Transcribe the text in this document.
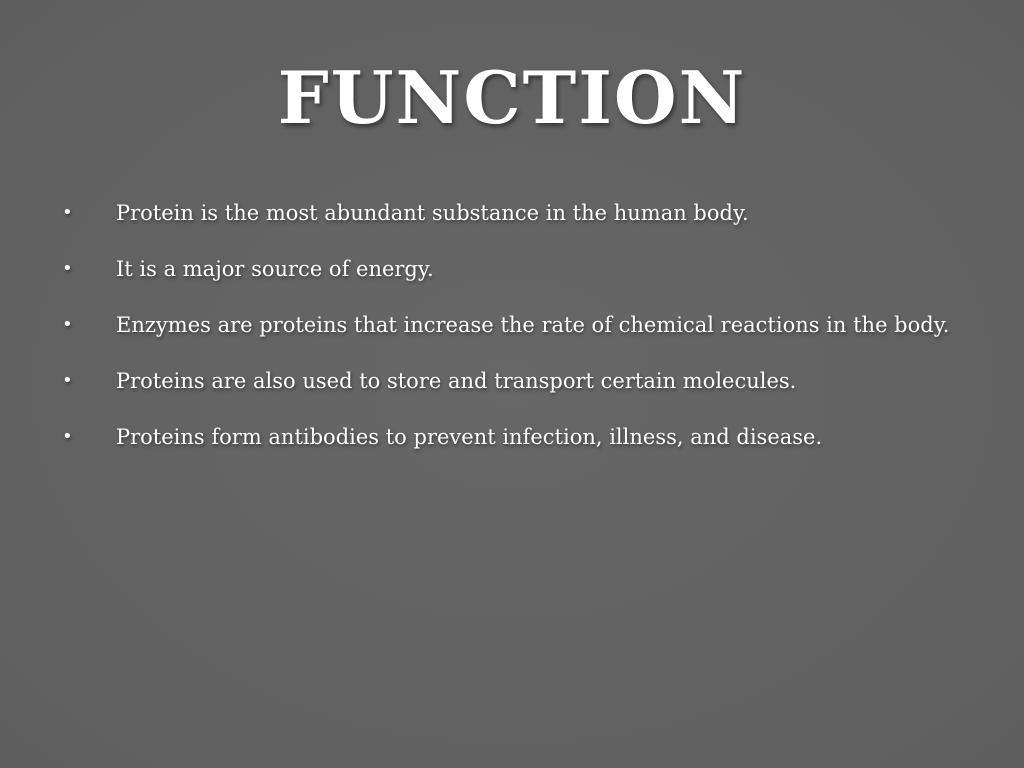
FUNCTION
• Protein is the most abundant substance in the human body.
• It is a major source of energy.
• Enzymes are proteins that increase the rate of chemical reactions in the body.
• Proteins are also used to store and transport certain molecules.
• Proteins form antibodies to prevent infection, illness, and disease.
